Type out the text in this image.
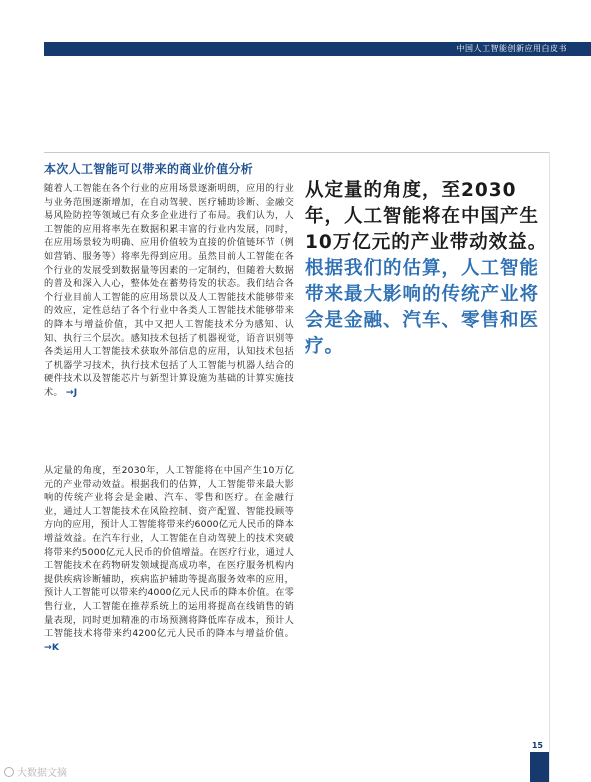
中国人工智能创新应用白皮书
本次人工智能可以带来的商业价值分析
随着人工智能在各个行业的应用场景逐渐明朗，应用的行业与业务范围逐渐增加，在自动驾驶、医疗辅助诊断、金融交易风险防控等领域已有众多企业进行了布局。我们认为，人工智能的应用将率先在数据积累丰富的行业内发展，同时，在应用场景较为明确、应用价值较为直接的价值链环节（例如营销、服务等）将率先得到应用。虽然目前人工智能在各个行业的发展受到数据量等因素的一定制约，但随着大数据的普及和深入人心，整体处在蓄势待发的状态。我们结合各个行业目前人工智能的应用场景以及人工智能技术能够带来的效应，定性总结了各个行业中各类人工智能技术能够带来的降本与增益价值，其中又把人工智能技术分为感知、认知、执行三个层次。感知技术包括了机器视觉，语音识别等各类运用人工智能技术获取外部信息的应用，认知技术包括了机器学习技术，执行技术包括了人工智能与机器人结合的硬件技术以及智能芯片与新型计算设施为基础的计算实施技术。 →J
从定量的角度，至2030年，人工智能将在中国产生10万亿元的产业带动效益。根据我们的估算，人工智能带来最大影响的传统产业将会是金融、汽车、零售和医疗。在金融行业，通过人工智能技术在风险控制、资产配置、智能投顾等方向的应用，预计人工智能将带来约6000亿元人民币的降本增益效益。在汽车行业，人工智能在自动驾驶上的技术突破将带来约5000亿元人民币的价值增益。在医疗行业，通过人工智能技术在药物研发领域提高成功率，在医疗服务机构内提供疾病诊断辅助，疾病监护辅助等提高服务效率的应用，预计人工智能可以带来约4000亿元人民币的降本价值。在零售行业，人工智能在推荐系统上的运用将提高在线销售的销量表现，同时更加精准的市场预测将降低库存成本，预计人工智能技术将带来约4200亿元人民币的降本与增益价值。 →K
从定量的角度，至2030年，人工智能将在中国产生10万亿元的产业带动效益。根据我们的估算，人工智能带来最大影响的传统产业将会是金融、汽车、零售和医疗。
15
大数据文摘
